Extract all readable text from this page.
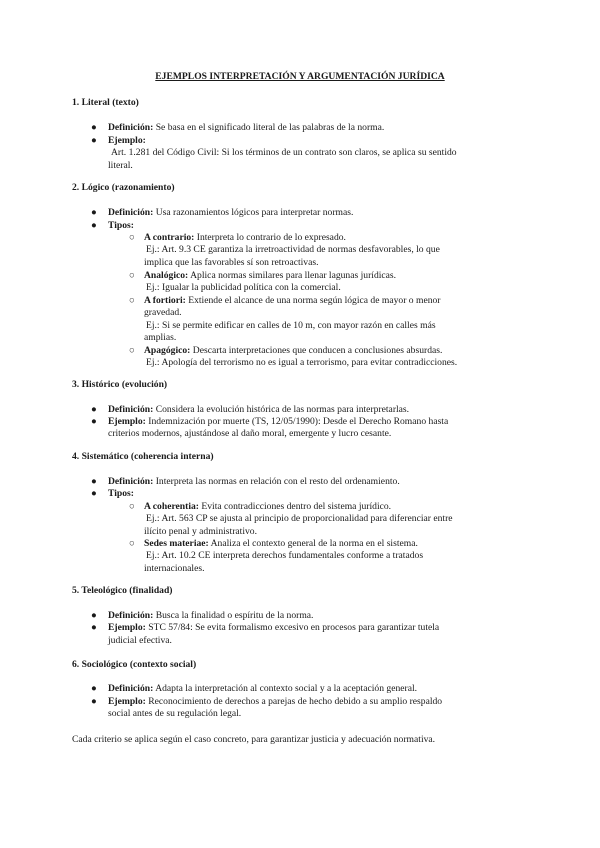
EJEMPLOS INTERPRETACIÓN Y ARGUMENTACIÓN JURÍDICA
1. Literal (texto)
● Definición: Se basa en el significado literal de las palabras de la norma.
● Ejemplo:
Art. 1.281 del Código Civil: Si los términos de un contrato son claros, se aplica su sentido
literal.
2. Lógico (razonamiento)
● Definición: Usa razonamientos lógicos para interpretar normas.
● Tipos:
○ A contrario: Interpreta lo contrario de lo expresado.
Ej.: Art. 9.3 CE garantiza la irretroactividad de normas desfavorables, lo que
implica que las favorables sí son retroactivas.
○ Analógico: Aplica normas similares para llenar lagunas jurídicas.
Ej.: Igualar la publicidad política con la comercial.
○ A fortiori: Extiende el alcance de una norma según lógica de mayor o menor
gravedad.
Ej.: Si se permite edificar en calles de 10 m, con mayor razón en calles más
amplias.
○ Apagógico: Descarta interpretaciones que conducen a conclusiones absurdas.
Ej.: Apología del terrorismo no es igual a terrorismo, para evitar contradicciones.
3. Histórico (evolución)
● Definición: Considera la evolución histórica de las normas para interpretarlas.
● Ejemplo: Indemnización por muerte (TS, 12/05/1990): Desde el Derecho Romano hasta
criterios modernos, ajustándose al daño moral, emergente y lucro cesante.
4. Sistemático (coherencia interna)
● Definición: Interpreta las normas en relación con el resto del ordenamiento.
● Tipos:
○ A coherentia: Evita contradicciones dentro del sistema jurídico.
Ej.: Art. 563 CP se ajusta al principio de proporcionalidad para diferenciar entre
ilícito penal y administrativo.
○ Sedes materiae: Analiza el contexto general de la norma en el sistema.
Ej.: Art. 10.2 CE interpreta derechos fundamentales conforme a tratados
internacionales.
5. Teleológico (finalidad)
● Definición: Busca la finalidad o espíritu de la norma.
● Ejemplo: STC 57/84: Se evita formalismo excesivo en procesos para garantizar tutela
judicial efectiva.
6. Sociológico (contexto social)
● Definición: Adapta la interpretación al contexto social y a la aceptación general.
● Ejemplo: Reconocimiento de derechos a parejas de hecho debido a su amplio respaldo
social antes de su regulación legal.
Cada criterio se aplica según el caso concreto, para garantizar justicia y adecuación normativa.
